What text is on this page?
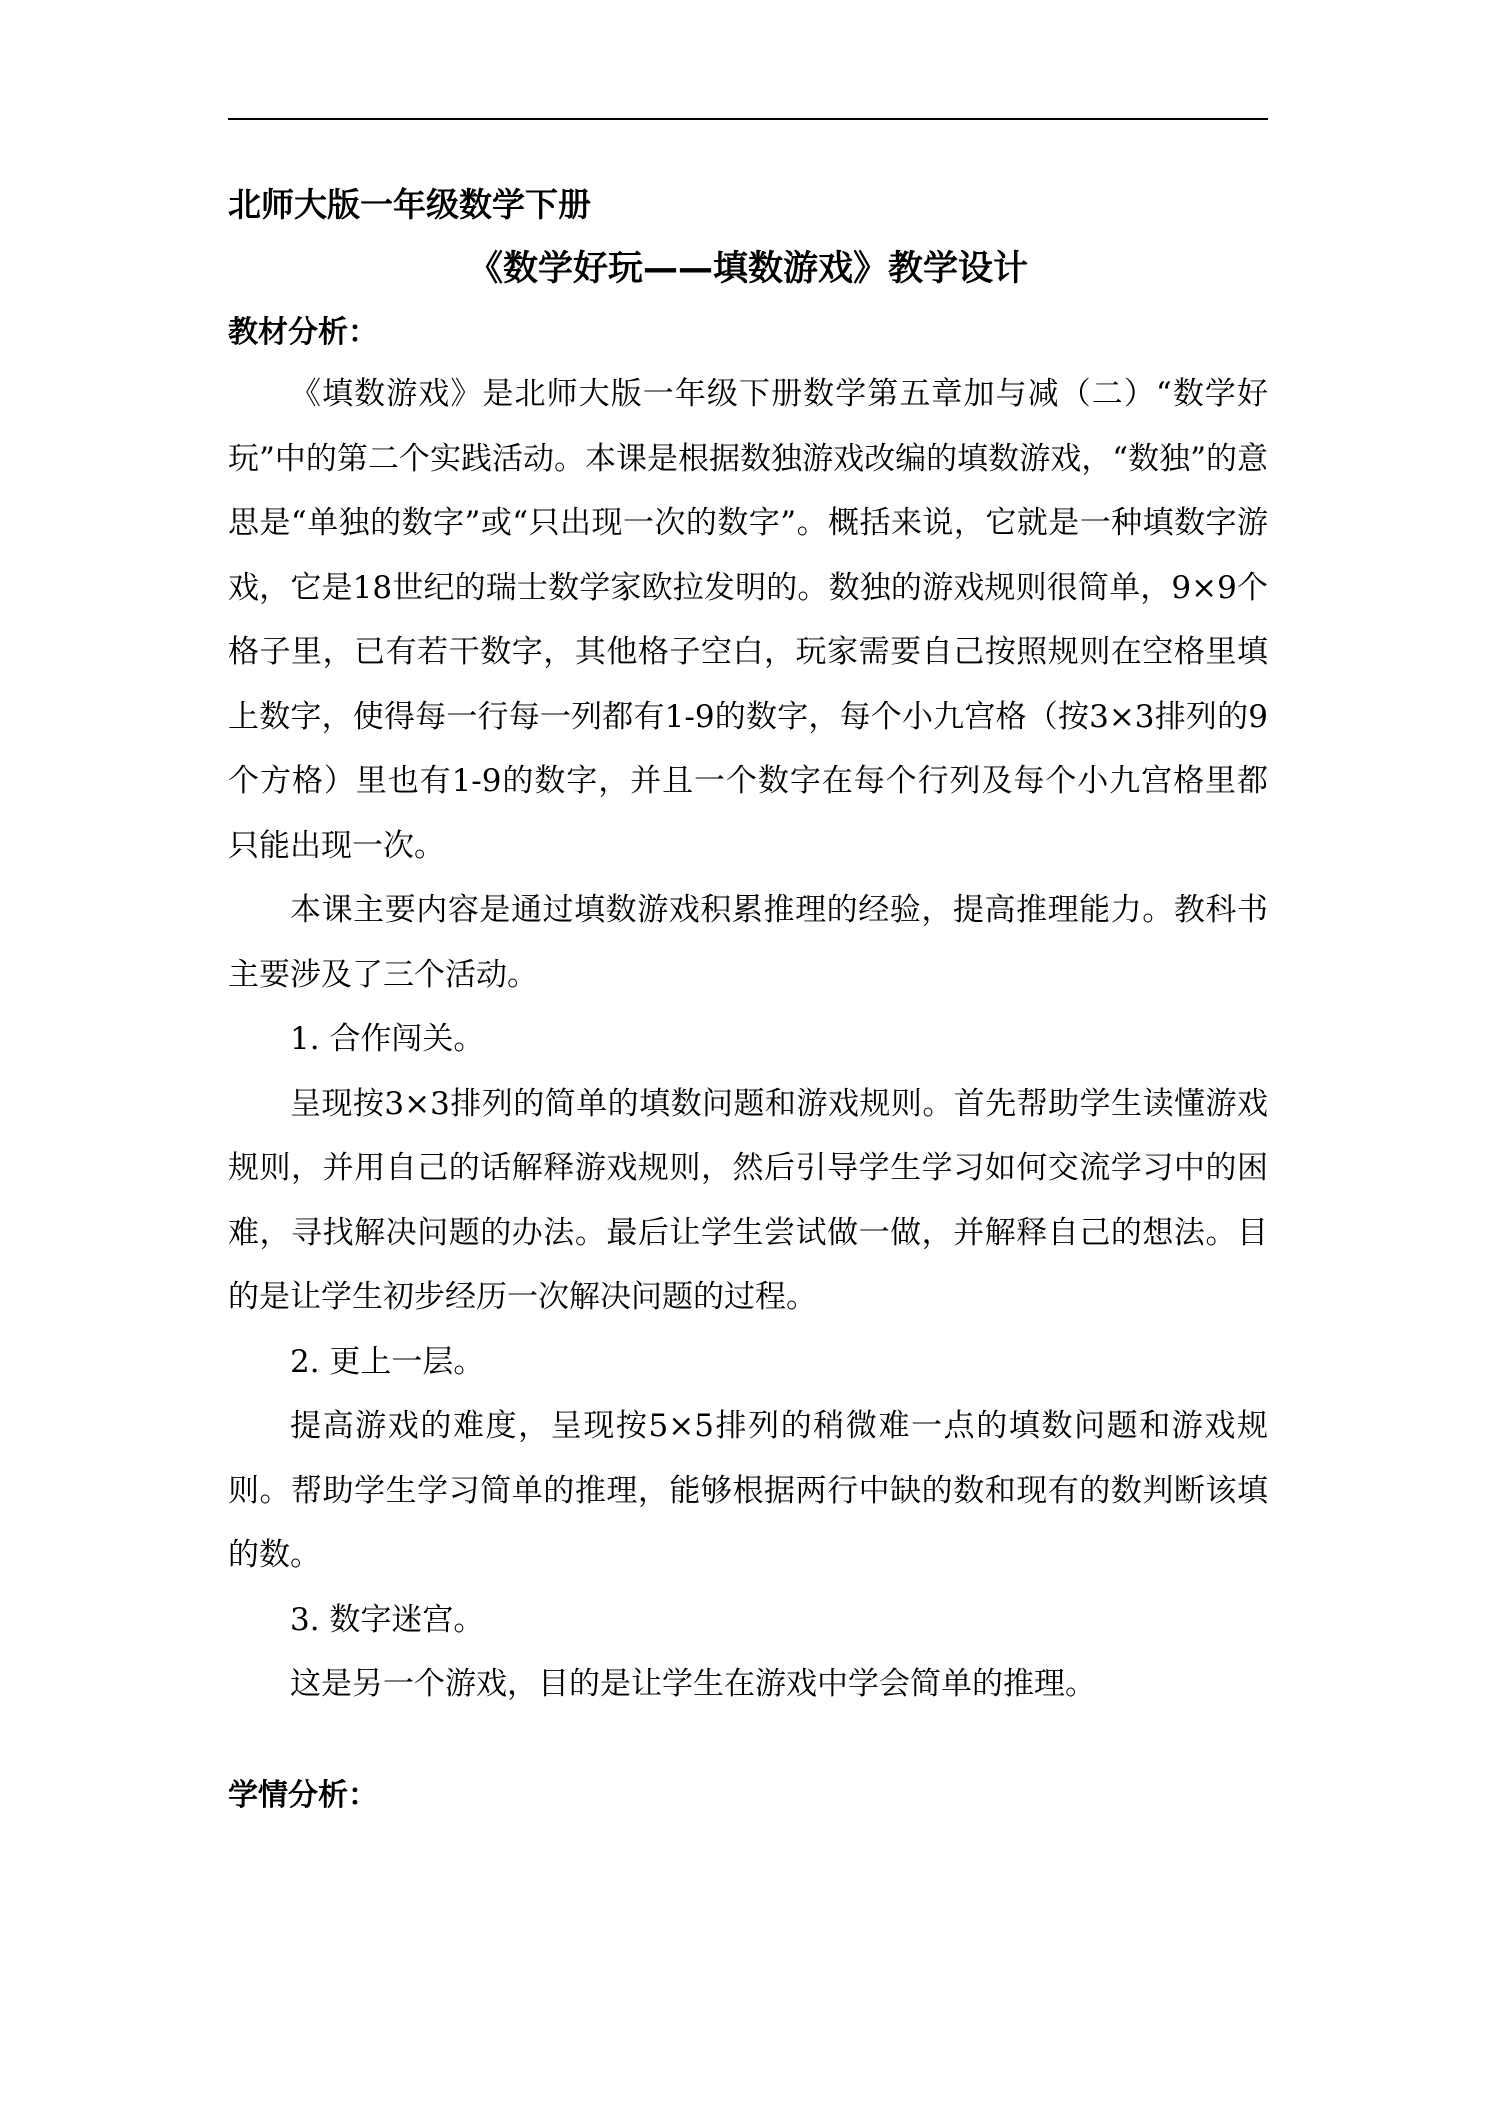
北师大版一年级数学下册
《数学好玩——填数游戏》教学设计
教材分析：

《填数游戏》是北师大版一年级下册数学第五章加与减（二）“数学好玩”中的第二个实践活动。本课是根据数独游戏改编的填数游戏，“数独”的意思是“单独的数字”或“只出现一次的数字”。概括来说，它就是一种填数字游戏，它是18世纪的瑞士数学家欧拉发明的。数独的游戏规则很简单，9×9个格子里，已有若干数字，其他格子空白，玩家需要自己按照规则在空格里填上数字，使得每一行每一列都有1-9的数字，每个小九宫格（按3×3排列的9个方格）里也有1-9的数字，并且一个数字在每个行列及每个小九宫格里都只能出现一次。

本课主要内容是通过填数游戏积累推理的经验，提高推理能力。教科书主要涉及了三个活动。

1. 合作闯关。

呈现按3×3排列的简单的填数问题和游戏规则。首先帮助学生读懂游戏规则，并用自己的话解释游戏规则，然后引导学生学习如何交流学习中的困难，寻找解决问题的办法。最后让学生尝试做一做，并解释自己的想法。目的是让学生初步经历一次解决问题的过程。

2. 更上一层。

提高游戏的难度，呈现按5×5排列的稍微难一点的填数问题和游戏规则。帮助学生学习简单的推理，能够根据两行中缺的数和现有的数判断该填的数。

3. 数字迷宫。

这是另一个游戏，目的是让学生在游戏中学会简单的推理。

学情分析：
